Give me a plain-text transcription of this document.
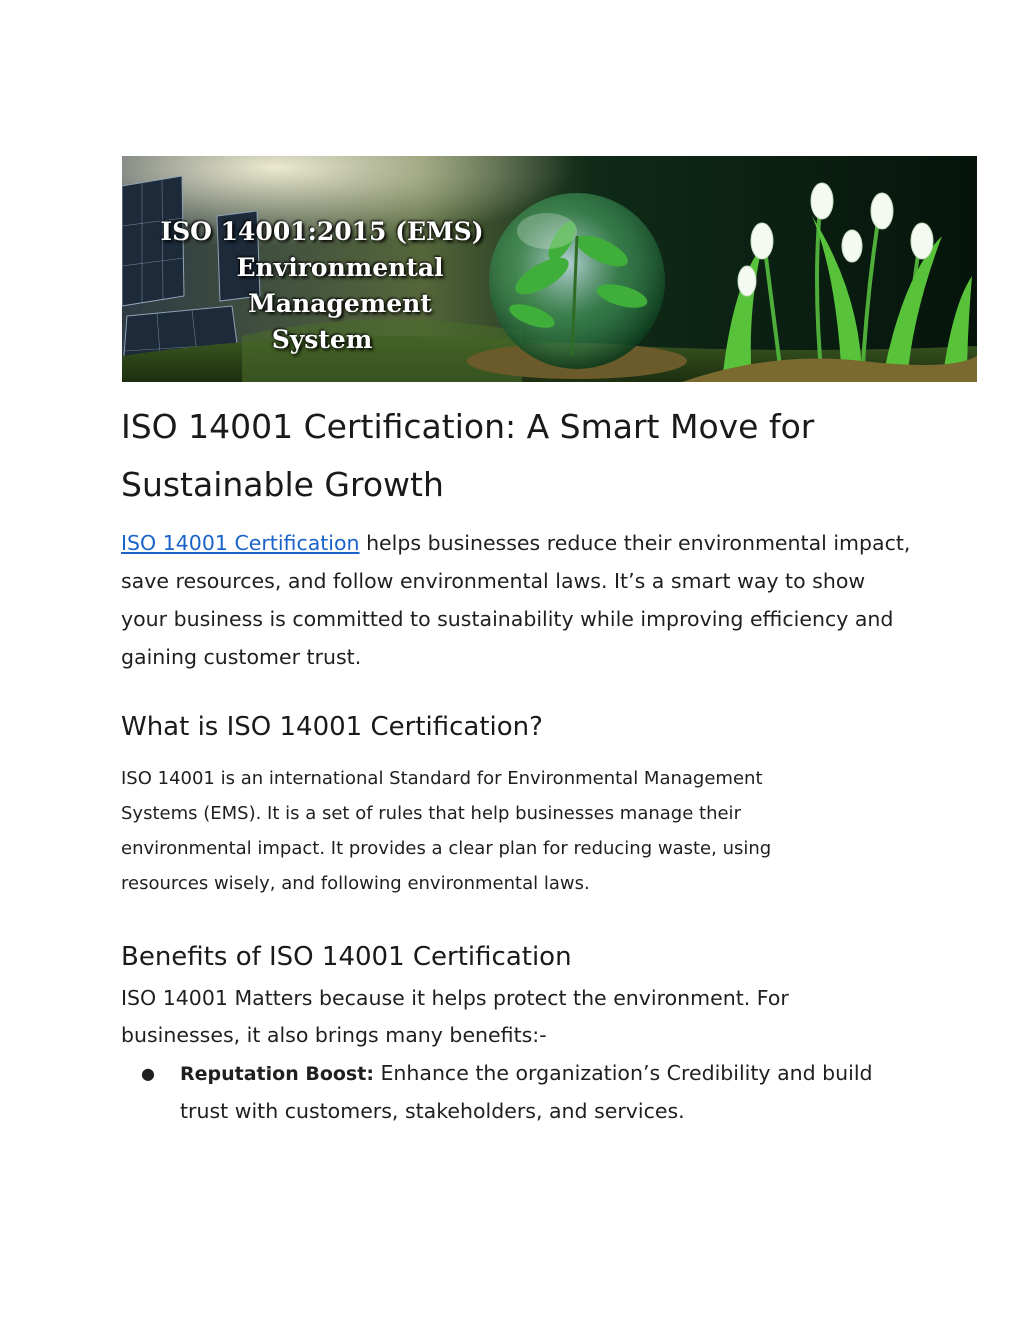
ISO 14001:2015 (EMS)
Environmental Management
System
ISO 14001 Certification: A Smart Move for Sustainable Growth

ISO 14001 Certification helps businesses reduce their environmental impact, save resources, and follow environmental laws. It’s a smart way to show your business is committed to sustainability while improving efficiency and gaining customer trust.

What is ISO 14001 Certification?

ISO 14001 is an international Standard for Environmental Management Systems (EMS). It is a set of rules that help businesses manage their environmental impact. It provides a clear plan for reducing waste, using resources wisely, and following environmental laws.

Benefits of ISO 14001 Certification

ISO 14001 Matters because it helps protect the environment. For businesses, it also brings many benefits:-

● Reputation Boost: Enhance the organization’s Credibility and build trust with customers, stakeholders, and services.
